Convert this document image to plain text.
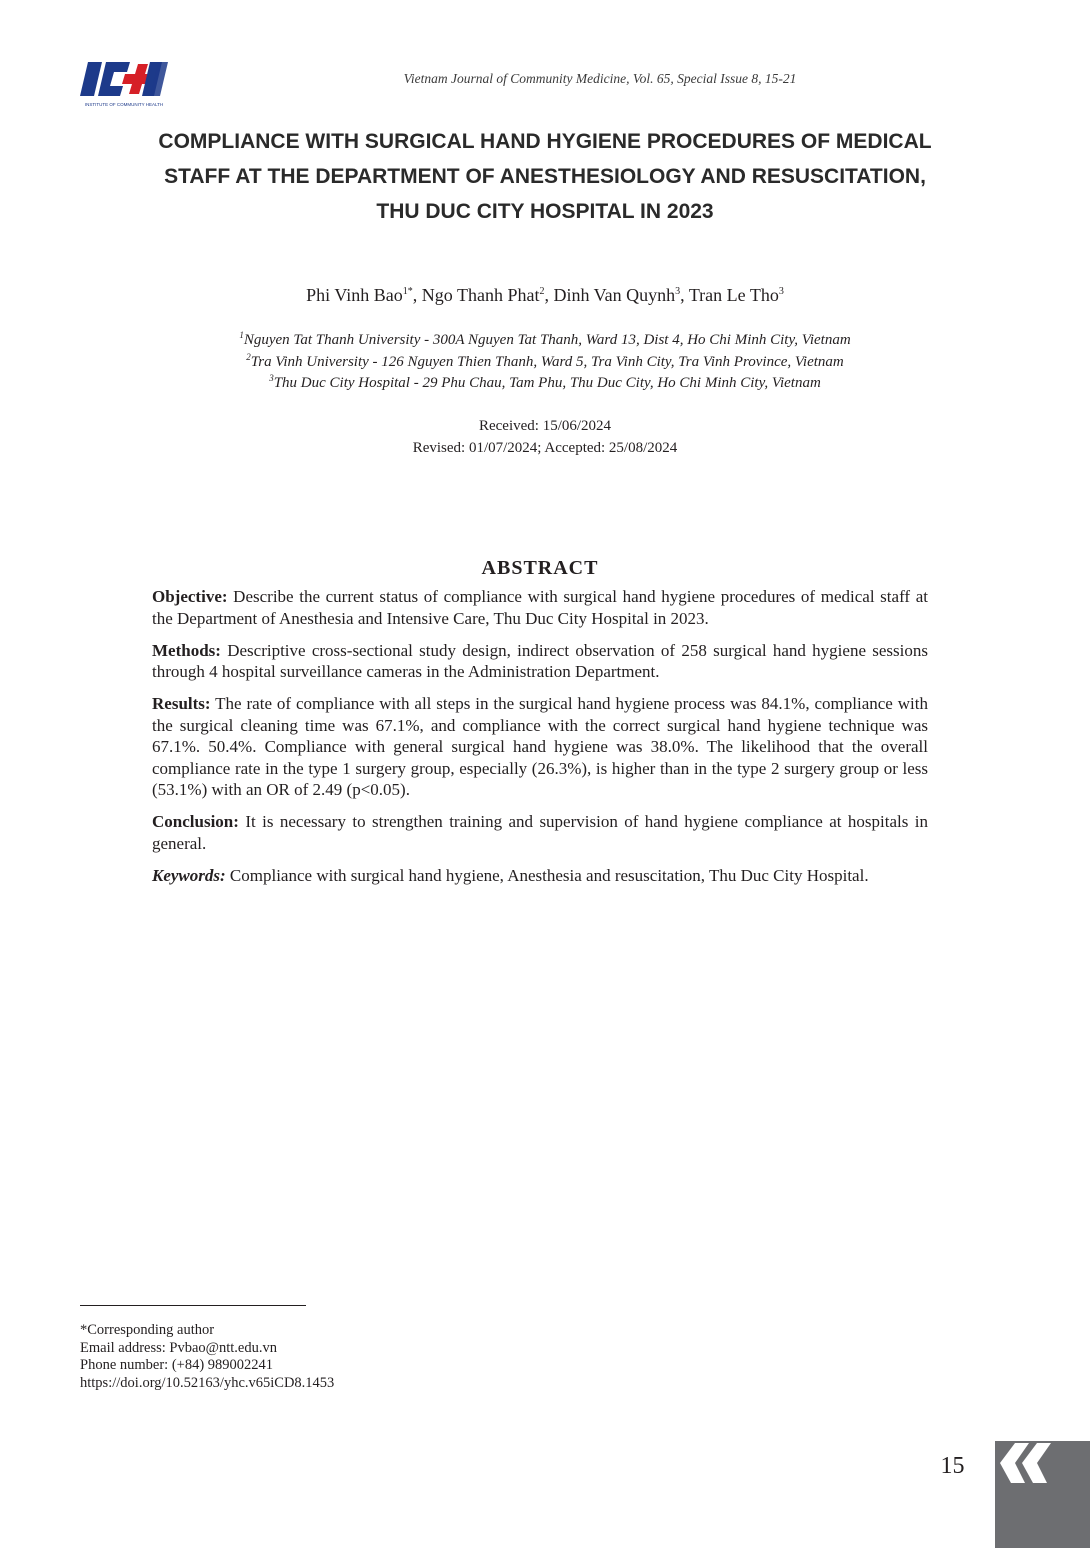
INSTITUTE OF COMMUNITY HEALTH
Vietnam Journal of Community Medicine, Vol. 65, Special Issue 8, 15-21
COMPLIANCE WITH SURGICAL HAND HYGIENE PROCEDURES OF MEDICAL
STAFF AT THE DEPARTMENT OF ANESTHESIOLOGY AND RESUSCITATION,
THU DUC CITY HOSPITAL IN 2023
Phi Vinh Bao$^{1*}$, Ngo Thanh Phat$^2$, Dinh Van Quynh$^3$, Tran Le Tho$^3$
$^1$Nguyen Tat Thanh University - 300A Nguyen Tat Thanh, Ward 13, Dist 4, Ho Chi Minh City, Vietnam
$^2$Tra Vinh University - 126 Nguyen Thien Thanh, Ward 5, Tra Vinh City, Tra Vinh Province, Vietnam
$^3$Thu Duc City Hospital - 29 Phu Chau, Tam Phu, Thu Duc City, Ho Chi Minh City, Vietnam
Received: 15/06/2024
Revised: 01/07/2024; Accepted: 25/08/2024
ABSTRACT

Objective: Describe the current status of compliance with surgical hand hygiene procedures of medical staff at the Department of Anesthesia and Intensive Care, Thu Duc City Hospital in 2023.

Methods: Descriptive cross-sectional study design, indirect observation of 258 surgical hand hygiene sessions through 4 hospital surveillance cameras in the Administration Department.

Results: The rate of compliance with all steps in the surgical hand hygiene process was 84.1%, compliance with the surgical cleaning time was 67.1%, and compliance with the correct surgical hand hygiene technique was 67.1%. 50.4%. Compliance with general surgical hand hygiene was 38.0%. The likelihood that the overall compliance rate in the type 1 surgery group, especially (26.3%), is higher than in the type 2 surgery group or less (53.1%) with an OR of 2.49 (p<0.05).

Conclusion: It is necessary to strengthen training and supervision of hand hygiene compliance at hospitals in general.

Keywords: Compliance with surgical hand hygiene, Anesthesia and resuscitation, Thu Duc City Hospital.

*Corresponding author
Email address: Pvbao@ntt.edu.vn
Phone number: (+84) 989002241
https://doi.org/10.52163/yhc.v65iCD8.1453
15
